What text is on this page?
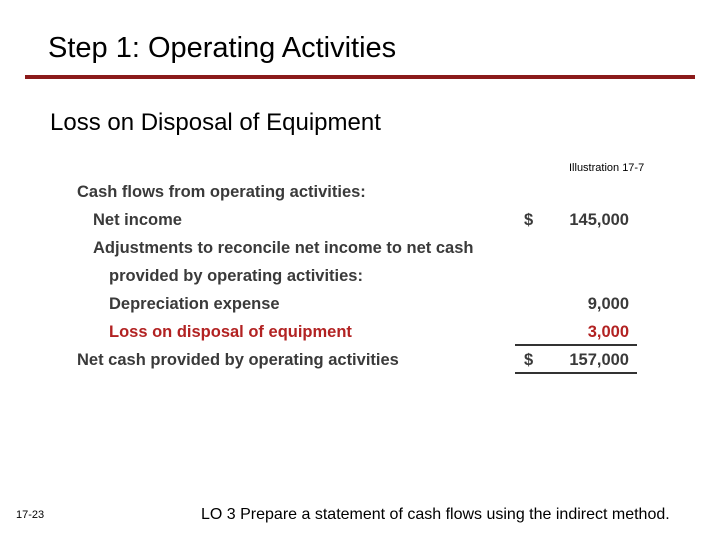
Step 1: Operating Activities
Loss on Disposal of Equipment
Illustration 17-7
Cash flows from operating activities:
Net income	$ 145,000
Adjustments to reconcile net income to net cash
provided by operating activities:
Depreciation expense	9,000
Loss on disposal of equipment	3,000
Net cash provided by operating activities	$ 157,000
17-23	LO 3 Prepare a statement of cash flows using the indirect method.
